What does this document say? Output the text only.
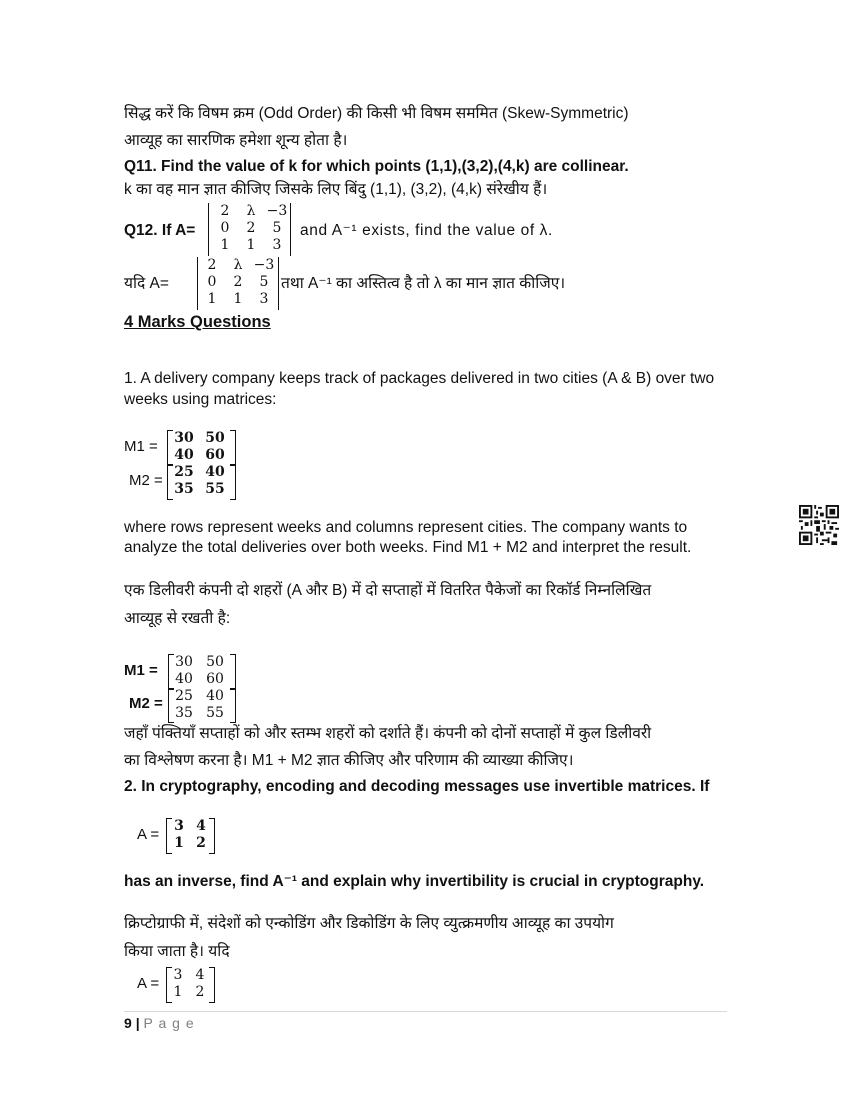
सिद्ध करें कि विषम क्रम (Odd Order) की किसी भी विषम सममित (Skew-Symmetric)
आव्यूह का सारणिक हमेशा शून्य होता है।
Q11. Find the value of k for which points (1,1),(3,2),(4,k) are collinear.
k का वह मान ज्ञात कीजिए जिसके लिए बिंदु (1,1), (3,2), (4,k) संरेखीय हैं।
Q12. If A=
2	λ −3
0	2	5
1	1	3
and A⁻¹ exists, find the value of λ.
यदि A=
2	λ −3
0	2	5
1	1	3
तथा A⁻¹ का अस्तित्व है तो λ का मान ज्ञात कीजिए।
4 Marks Questions
1. A delivery company keeps track of packages delivered in two cities (A & B) over two
weeks using matrices:
M1 = 30 50
40 60
M2 = 25 40
35 55
where rows represent weeks and columns represent cities. The company wants to
analyze the total deliveries over both weeks. Find M1 + M2 and interpret the result.
एक डिलीवरी कंपनी दो शहरों (A और B) में दो सप्ताहों में वितरित पैकेजों का रिकॉर्ड निम्नलिखित
आव्यूह से रखती है:
M1 = 30 50
40 60
M2 = 25 40
35 55
जहाँ पंक्तियाँ सप्ताहों को और स्तम्भ शहरों को दर्शाते हैं। कंपनी को दोनों सप्ताहों में कुल डिलीवरी
का विश्लेषण करना है। M1 + M2 ज्ञात कीजिए और परिणाम की व्याख्या कीजिए।
2. In cryptography, encoding and decoding messages use invertible matrices. If
A = 3 4
1 2
has an inverse, find A⁻¹ and explain why invertibility is crucial in cryptography.
क्रिप्टोग्राफी में, संदेशों को एन्कोडिंग और डिकोडिंग के लिए व्युत्क्रमणीय आव्यूह का उपयोग
किया जाता है। यदि
A = 3 4
1 2
9 | P a g e
